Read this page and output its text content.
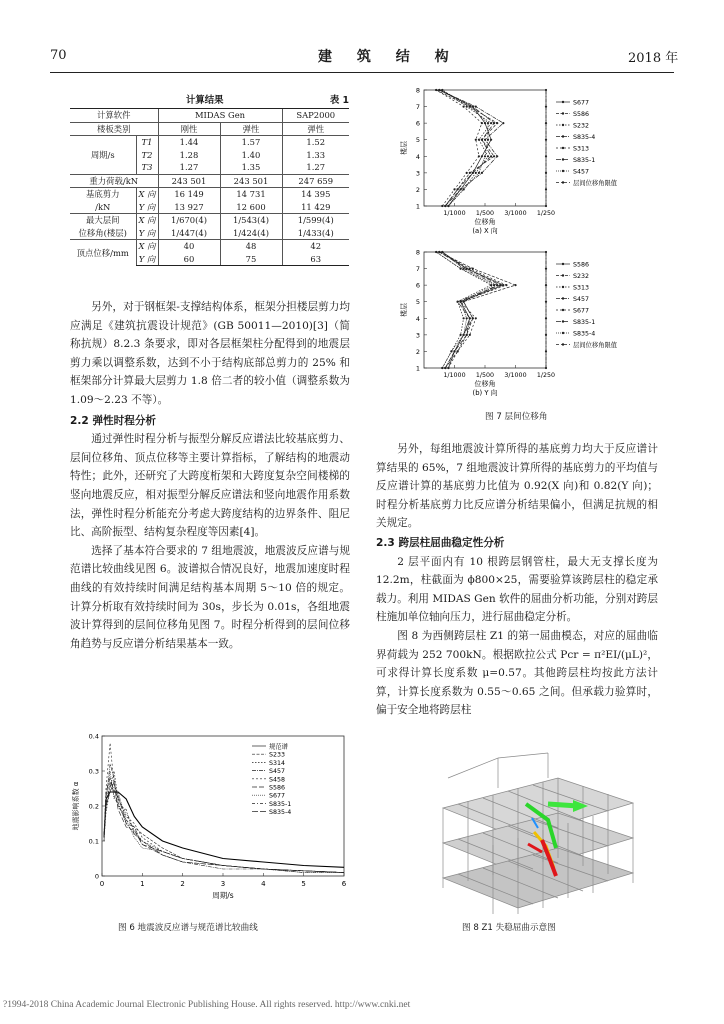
70	建 筑 结 构	2018 年
计算结果	表 1
计算软件		MIDAS Gen		SAP2000
楼板类别		刚性	弹性	弹性
周期/s	T1	1.44	1.57	1.52
	T2	1.28	1.40	1.33
	T3	1.27	1.35	1.27
重力荷载/kN		243 501	243 501	247 659
基底剪力	X 向	16 149	14 731	14 395
/kN	Y 向	13 927	12 600	11 429
最大层间	X 向	1/670(4)	1/543(4)	1/599(4)
位移角(楼层)	Y 向	1/447(4)	1/424(4)	1/433(4)
顶点位移/mm	X 向	40	48	42
	Y 向	60	75	63

另外，对于钢框架-支撑结构体系，框架分担楼层剪力均应满足《建筑抗震设计规范》(GB 50011—2010)[3]（简称抗规）8.2.3 条要求，即对各层框架柱分配得到的地震层剪力乘以调整系数，达到不小于结构底部总剪力的 25% 和框架部分计算最大层剪力 1.8 倍二者的较小值（调整系数为 1.09～2.23 不等）。

2.2 弹性时程分析

通过弹性时程分析与振型分解反应谱法比较基底剪力、层间位移角、顶点位移等主要计算指标，了解结构的地震动特性；此外，还研究了大跨度桁架和大跨度复杂空间楼梯的竖向地震反应，相对振型分解反应谱法和竖向地震作用系数法，弹性时程分析能充分考虑大跨度结构的边界条件、阻尼比、高阶振型、结构复杂程度等因素[4]。

选择了基本符合要求的 7 组地震波，地震波反应谱与规范谱比较曲线见图 6。波谱拟合情况良好，地震加速度时程曲线的有效持续时间满足结构基本周期 5～10 倍的规定。计算分析取有效持续时间为 30s，步长为 0.01s，各组地震波计算得到的层间位移角见图 7。时程分析得到的层间位移角趋势与反应谱分析结果基本一致。

另外，每组地震波计算所得的基底剪力均大于反应谱计算结果的 65%，7 组地震波计算所得的基底剪力的平均值与反应谱计算的基底剪力比值为 0.92(X 向)和 0.82(Y 向)；时程分析基底剪力比反应谱分析结果偏小，但满足抗规的相关规定。

2.3 跨层柱屈曲稳定性分析

2 层平面内有 10 根跨层钢管柱，最大无支撑长度为 12.2m，柱截面为 ϕ800×25，需要验算该跨层柱的稳定承载力。利用 MIDAS Gen 软件的屈曲分析功能，分别对跨层柱施加单位轴向压力，进行屈曲稳定分析。

图 8 为西侧跨层柱 Z1 的第一屈曲模态，对应的屈曲临界荷载为 252 700kN。根据欧拉公式 Pcr = π²EI/(μL)²，可求得计算长度系数 μ=0.57。其他跨层柱均按此方法计算，计算长度系数为 0.55～0.65 之间。但承载力验算时，偏于安全地将跨层柱

1/1000 1/500 3/1000 1/250
1
2
3
4
5
6
7
8
位移角
(a) X 向
楼层
S677
S586
S232
S835-4
S313
S835-1
S457
层间位移角限值
1/1000 1/500 3/1000 1/250
1
2
3
4
5
6
7
8
位移角
(b) Y 向
楼层
S586
S232
S313
S457
S677
S835-1
S835-4
层间位移角限值
图 7 层间位移角
0	1	2	3	4	5	6
0
0.1
0.2
0.3
0.4
周期/s
地震影响系数 α
规范谱
S233
S314
S457
S458
S586
S677
S835-1
S835-4
图 6 地震波反应谱与规范谱比较曲线	图 8 Z1 失稳屈曲示意图
?1994-2018 China Academic Journal Electronic Publishing House. All rights reserved. http://www.cnki.net
